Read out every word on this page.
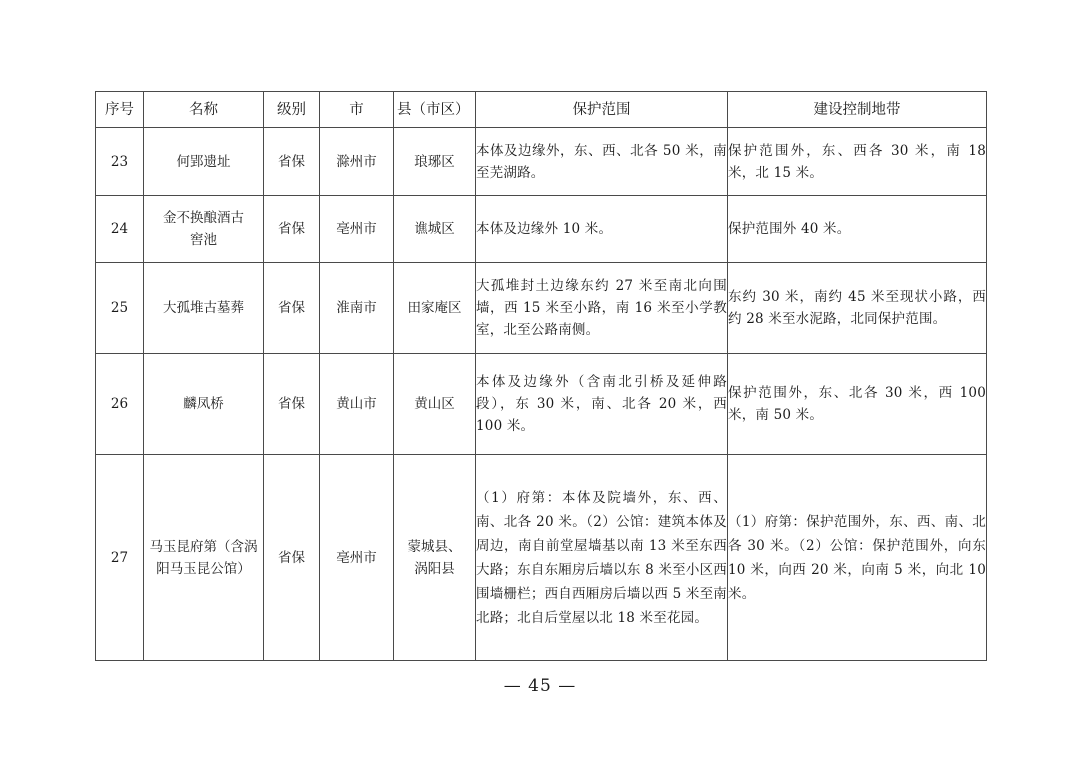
序号	名称	级别	市	县（市区）	保护范围	建设控制地带
23	何郢遗址	省保	滁州市	琅琊区	本体及边缘外，东、西、北各 50 米，南至芜湖路。	保护范围外，东、西各 30 米，南 18 米，北 15 米。
24	金不换酿酒古窖池	省保	亳州市	谯城区	本体及边缘外 10 米。	保护范围外 40 米。
25	大孤堆古墓葬	省保	淮南市	田家庵区	大孤堆封土边缘东约 27 米至南北向围墙，西 15 米至小路，南 16 米至小学教室，北至公路南侧。	东约 30 米，南约 45 米至现状小路，西约 28 米至水泥路，北同保护范围。
26	麟凤桥	省保	黄山市	黄山区	本体及边缘外（含南北引桥及延伸路段），东 30 米，南、北各 20 米，西 100 米。	保护范围外，东、北各 30 米，西 100 米，南 50 米。
27	马玉昆府第（含涡阳马玉昆公馆）	省保	亳州市	蒙城县、涡阳县	（1）府第：本体及院墙外，东、西、南、北各 20 米。（2）公馆：建筑本体及周边，南自前堂屋墙基以南 13 米至东西大路；东自东厢房后墙以东 8 米至小区西围墙栅栏；西自西厢房后墙以西 5 米至南北路；北自后堂屋以北 18 米至花园。	（1）府第：保护范围外，东、西、南、北各 30 米。（2）公馆：保护范围外，向东 10 米，向西 20 米，向南 5 米，向北 10 米。
— 45 —
